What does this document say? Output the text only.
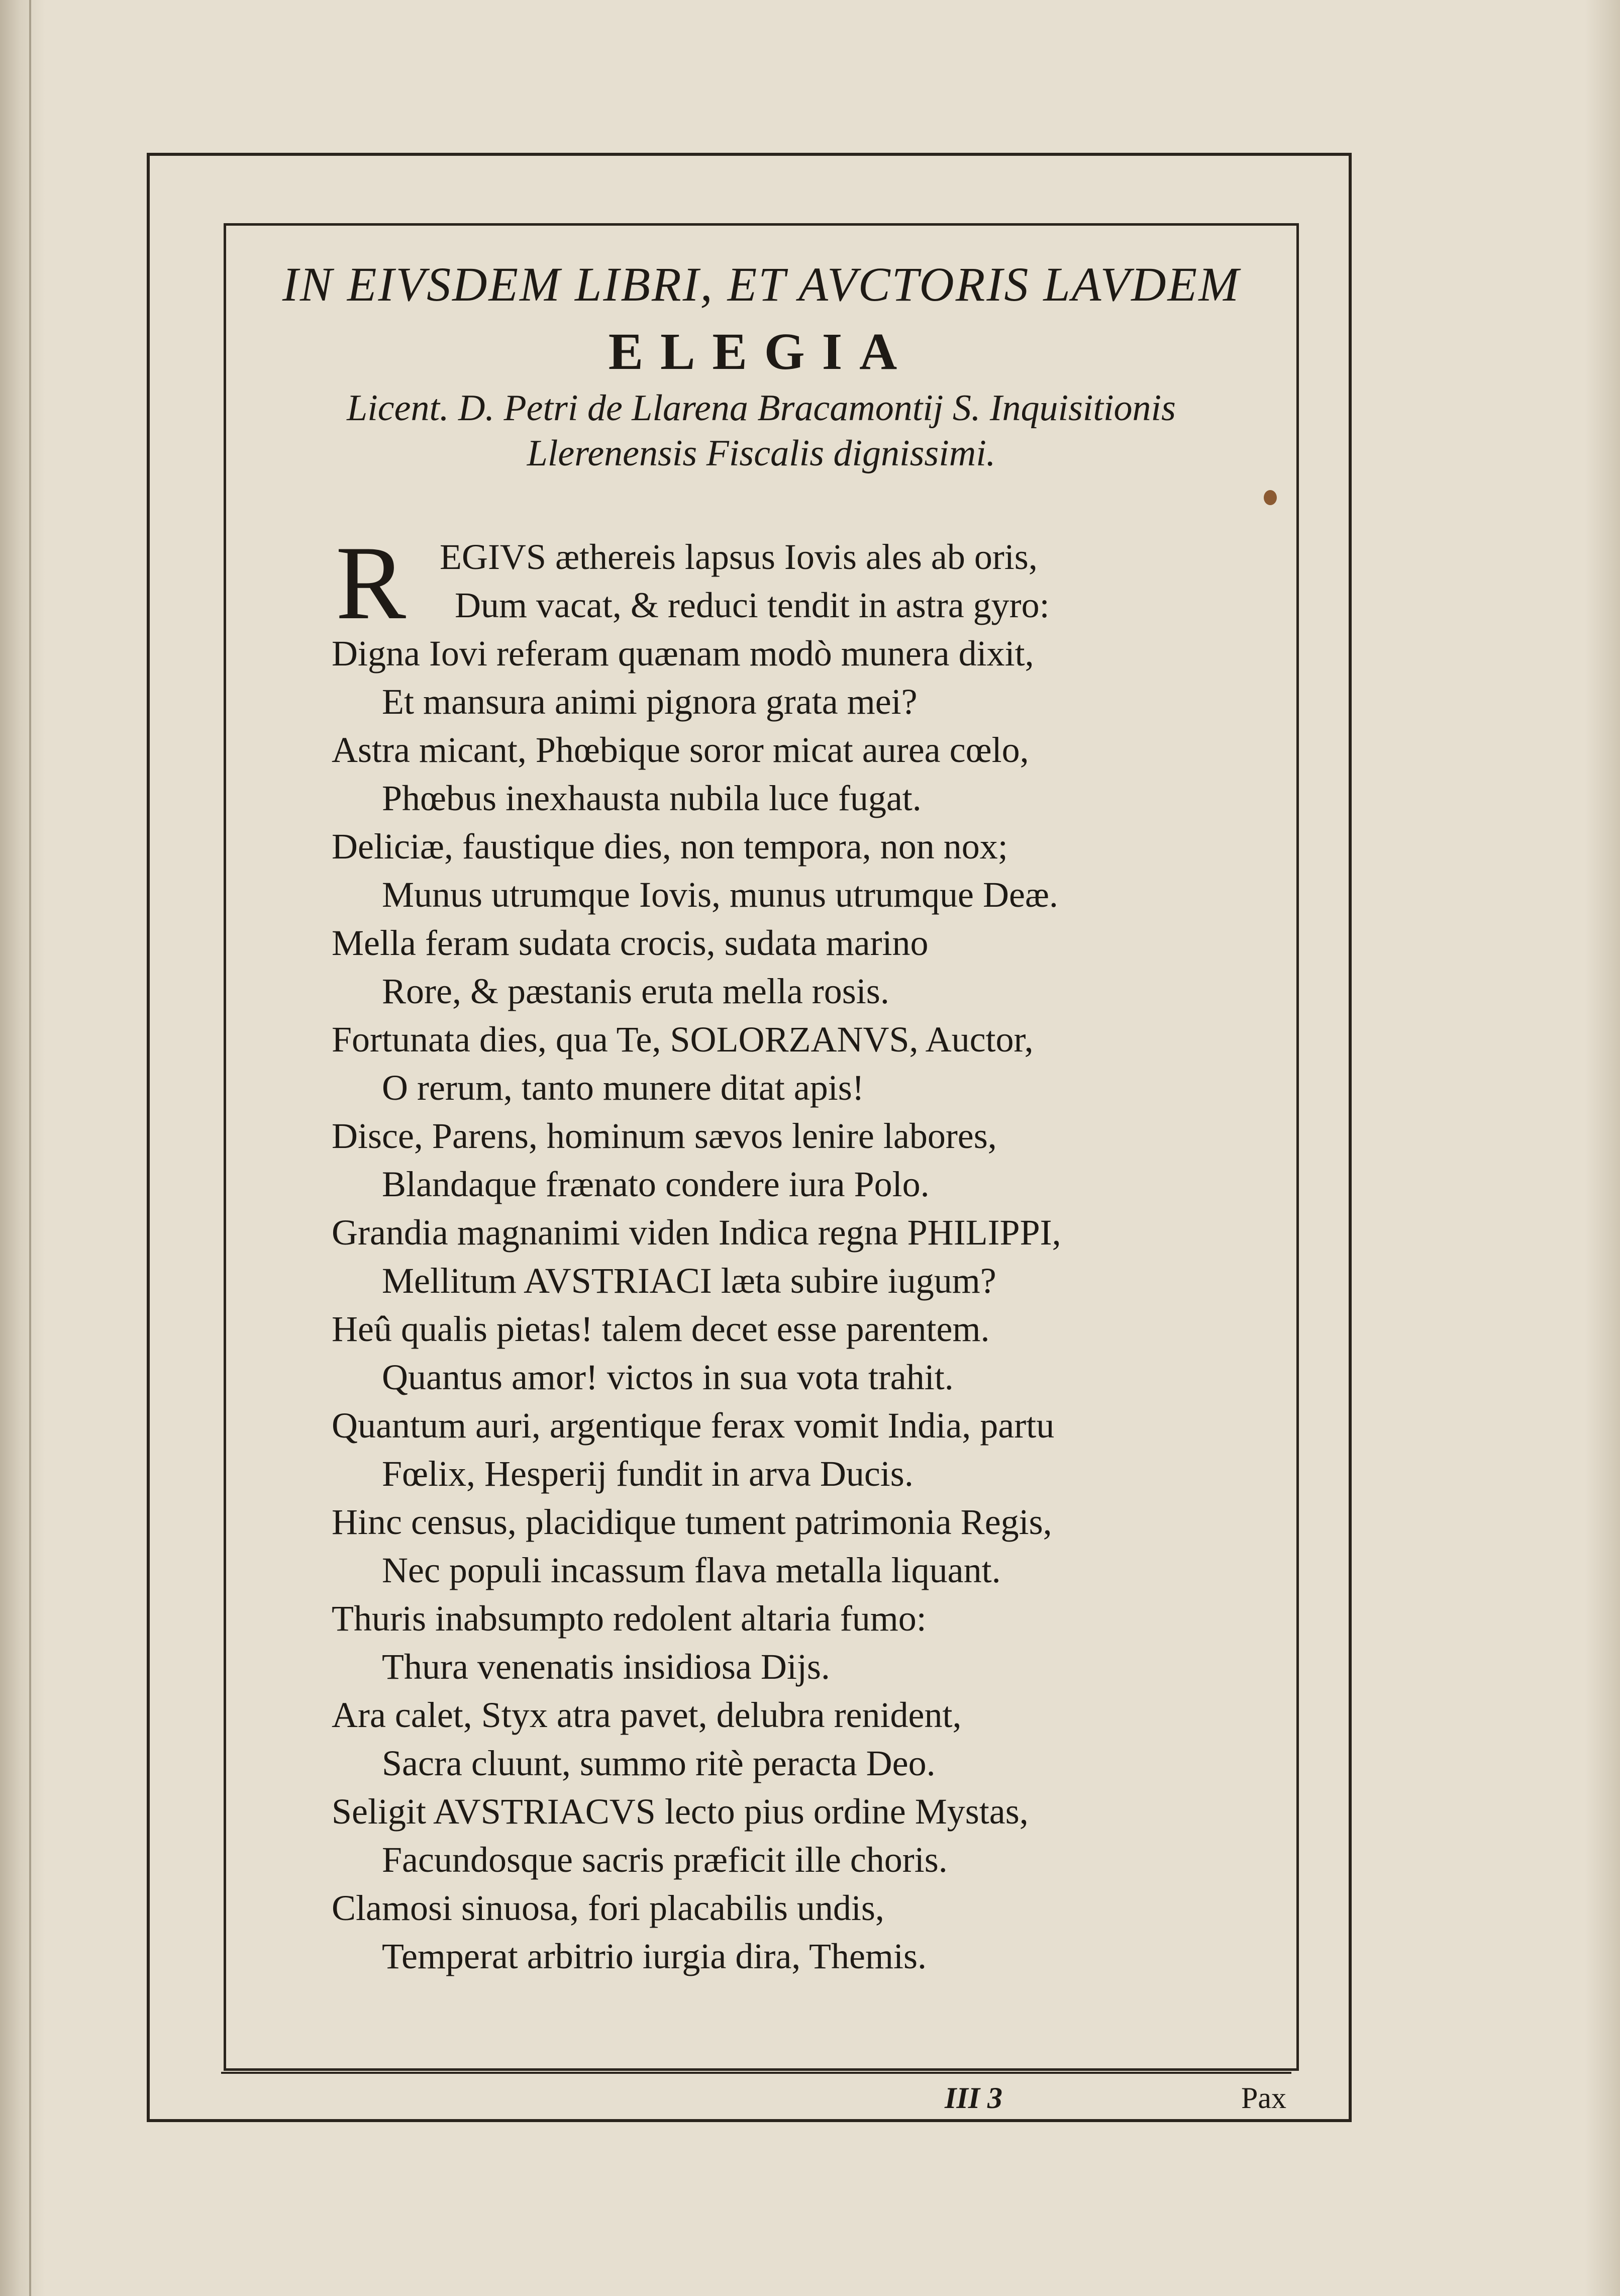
IN EIVSDEM LIBRI, ET AVCTORIS LAVDEM

ELEGIA

Licent. D. Petri de Llarena Bracamontij S. Inquisitionis

Llerenensis Fiscalis dignissimi.

R EGIVS æthereis lapsus Iovis ales ab oris,
Dum vacat, & reduci tendit in astra gyro:
Digna Iovi referam quænam modò munera dixit,
Et mansura animi pignora grata mei?
Astra micant, Phœbique soror micat aurea cœlo,
Phœbus inexhausta nubila luce fugat.
Deliciæ, faustique dies, non tempora, non nox;
Munus utrumque Iovis, munus utrumque Deæ.
Mella feram sudata crocis, sudata marino
Rore, & pæstanis eruta mella rosis.
Fortunata dies, qua Te, SOLORZANVS, Auctor,
O rerum, tanto munere ditat apis!
Disce, Parens, hominum sævos lenire labores,
Blandaque frænato condere iura Polo.
Grandia magnanimi viden Indica regna PHILIPPI,
Mellitum AVSTRIACI læta subire iugum?
Heû qualis pietas! talem decet esse parentem.
Quantus amor! victos in sua vota trahit.
Quantum auri, argentique ferax vomit India, partu
Fœlix, Hesperij fundit in arva Ducis.
Hinc census, placidique tument patrimonia Regis,
Nec populi incassum flava metalla liquant.
Thuris inabsumpto redolent altaria fumo:
Thura venenatis insidiosa Dijs.
Ara calet, Styx atra pavet, delubra renident,
Sacra cluunt, summo ritè peracta Deo.
Seligit AVSTRIACVS lecto pius ordine Mystas,
Facundosque sacris præficit ille choris.
Clamosi sinuosa, fori placabilis undis,
Temperat arbitrio iurgia dira, Themis.
III 3	Pax
